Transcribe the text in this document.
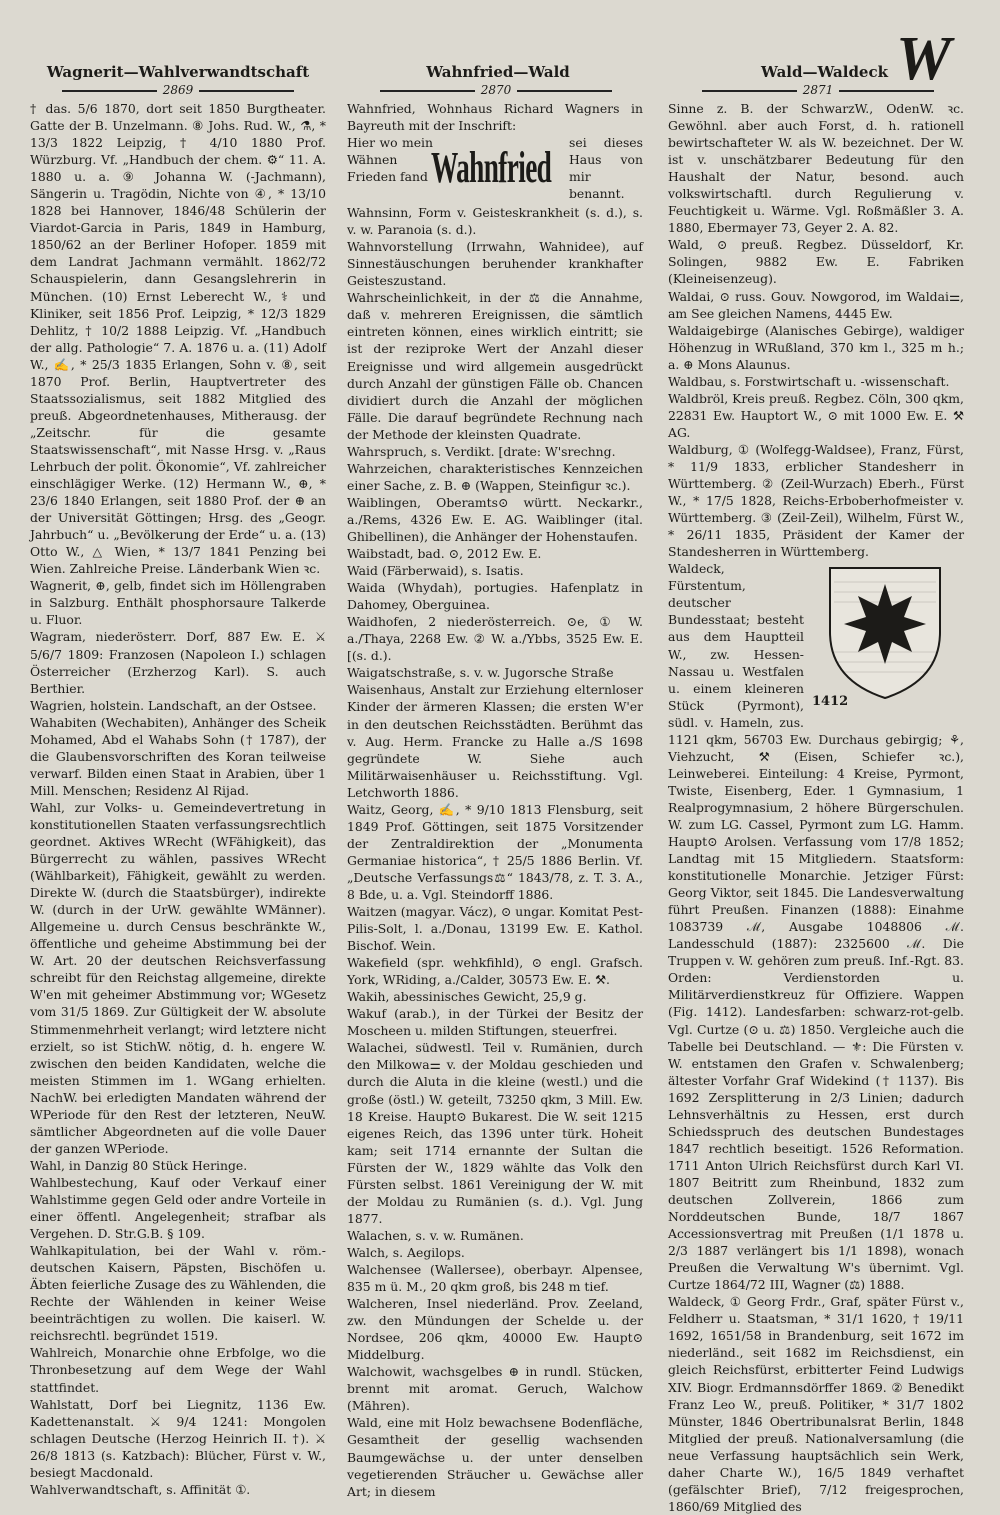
W
Wagnerit—Wahlverwandtschaft	Wahnfried—Wald	Wald—Waldeck
2869	2870	2871

† das. 5/6 1870, dort seit 1850 Burgtheater. Gatte der B. Unzelmann. ⑧ Johs. Rud. W., ⚗, * 13/3 1822 Leipzig, † 4/10 1880 Prof. Würzburg. Vf. „Handbuch der chem. ⚙“ 11. A. 1880 u. a. ⑨ Johanna W. (-Jachmann), Sängerin u. Tragödin, Nichte von ④, * 13/10 1828 bei Hannover, 1846/48 Schülerin der Viardot-Garcia in Paris, 1849 in Hamburg, 1850/62 an der Berliner Hofoper. 1859 mit dem Landrat Jachmann vermählt. 1862/72 Schauspielerin, dann Gesangslehrerin in München. (10) Ernst Leberecht W., ⚕ und Kliniker, seit 1856 Prof. Leipzig, * 12/3 1829 Dehlitz, † 10/2 1888 Leipzig. Vf. „Handbuch der allg. Pathologie“ 7. A. 1876 u. a. (11) Adolf W., ✍, * 25/3 1835 Erlangen, Sohn v. ⑧, seit 1870 Prof. Berlin, Hauptvertreter des Staatssozialismus, seit 1882 Mitglied des preuß. Abgeordnetenhauses, Mitherausg. der „Zeitschr. für die gesamte Staatswissenschaft“, mit Nasse Hrsg. v. „Raus Lehrbuch der polit. Ökonomie“, Vf. zahlreicher einschlägiger Werke. (12) Hermann W., ⊕, * 23/6 1840 Erlangen, seit 1880 Prof. der ⊕ an der Universität Göttingen; Hrsg. des „Geogr. Jahrbuch“ u. „Bevölkerung der Erde“ u. a. (13) Otto W., △ Wien, * 13/7 1841 Penzing bei Wien. Zahlreiche Preise. Länderbank Wien ꝛc.

Wagnerit, ⊕, gelb, findet sich im Höllengraben in Salzburg. Enthält phosphorsaure Talkerde u. Fluor.

Wagram, niederösterr. Dorf, 887 Ew. E. ⚔ 5/6/7 1809: Franzosen (Napoleon I.) schlagen Österreicher (Erzherzog Karl). S. auch Berthier.

Wagrien, holstein. Landschaft, an der Ostsee.

Wahabiten (Wechabiten), Anhänger des Scheik Mohamed, Abd el Wahabs Sohn († 1787), der die Glaubensvorschriften des Koran teilweise verwarf. Bilden einen Staat in Arabien, über 1 Mill. Menschen; Residenz Al Rijad.

Wahl, zur Volks- u. Gemeindevertretung in konstitutionellen Staaten verfassungsrechtlich geordnet. Aktives WRecht (WFähigkeit), das Bürgerrecht zu wählen, passives WRecht (Wählbarkeit), Fähigkeit, gewählt zu werden. Direkte W. (durch die Staatsbürger), indirekte W. (durch in der UrW. gewählte WMänner). Allgemeine u. durch Census beschränkte W., öffentliche und geheime Abstimmung bei der W. Art. 20 der deutschen Reichsverfassung schreibt für den Reichstag allgemeine, direkte W'en mit geheimer Abstimmung vor; WGesetz vom 31/5 1869. Zur Gültigkeit der W. absolute Stimmenmehrheit verlangt; wird letztere nicht erzielt, so ist StichW. nötig, d. h. engere W. zwischen den beiden Kandidaten, welche die meisten Stimmen im 1. WGang erhielten. NachW. bei erledigten Mandaten während der WPeriode für den Rest der letzteren, NeuW. sämtlicher Abgeordneten auf die volle Dauer der ganzen WPeriode.

Wahl, in Danzig 80 Stück Heringe.

Wahlbestechung, Kauf oder Verkauf einer Wahlstimme gegen Geld oder andre Vorteile in einer öffentl. Angelegenheit; strafbar als Vergehen. D. Str.G.B. § 109.

Wahlkapitulation, bei der Wahl v. röm.-deutschen Kaisern, Päpsten, Bischöfen u. Äbten feierliche Zusage des zu Wählenden, die Rechte der Wählenden in keiner Weise beeinträchtigen zu wollen. Die kaiserl. W. reichsrechtl. begründet 1519.

Wahlreich, Monarchie ohne Erbfolge, wo die Thronbesetzung auf dem Wege der Wahl stattfindet.

Wahlstatt, Dorf bei Liegnitz, 1136 Ew. Kadettenanstalt. ⚔ 9/4 1241: Mongolen schlagen Deutsche (Herzog Heinrich II. †). ⚔ 26/8 1813 (s. Katzbach): Blücher, Fürst v. W., besiegt Macdonald.

Wahlverwandtschaft, s. Affinität ①.

Wahnfried, Wohnhaus Richard Wagners in Bayreuth mit der Inschrift:

Hier wo mein Wähnen Frieden fand Wahnfried
sei dieses Haus von mir benannt.

Wahnsinn, Form v. Geisteskrankheit (s. d.), s. v. w. Paranoia (s. d.).

Wahnvorstellung (Irrwahn, Wahnidee), auf Sinnestäuschungen beruhender krankhafter Geisteszustand.

Wahrscheinlichkeit, in der ⚖ die Annahme, daß v. mehreren Ereignissen, die sämtlich eintreten können, eines wirklich eintritt; sie ist der reziproke Wert der Anzahl dieser Ereignisse und wird allgemein ausgedrückt durch Anzahl der günstigen Fälle ob. Chancen dividiert durch die Anzahl der möglichen Fälle. Die darauf begründete Rechnung nach der Methode der kleinsten Quadrate.

Wahrspruch, s. Verdikt. [drate: W'srechng.

Wahrzeichen, charakteristisches Kennzeichen einer Sache, z. B. ⊕ (Wappen, Steinfigur ꝛc.).

Waiblingen, Oberamts⊙ württ. Neckarkr., a./Rems, 4326 Ew. E. AG. Waiblinger (ital. Ghibellinen), die Anhänger der Hohenstaufen.

Waibstadt, bad. ⊙, 2012 Ew. E.

Waid (Färberwaid), s. Isatis.

Waida (Whydah), portugies. Hafenplatz in Dahomey, Oberguinea.

Waidhofen, 2 niederösterreich. ⊙e, ① W. a./Thaya, 2268 Ew. ② W. a./Ybbs, 3525 Ew. E. [(s. d.).

Waigatschstraße, s. v. w. Jugorsche Straße

Waisenhaus, Anstalt zur Erziehung elternloser Kinder der ärmeren Klassen; die ersten W'er in den deutschen Reichsstädten. Berühmt das v. Aug. Herm. Francke zu Halle a./S 1698 gegründete W. Siehe auch Militärwaisenhäuser u. Reichsstiftung. Vgl. Letchworth 1886.

Waitz, Georg, ✍, * 9/10 1813 Flensburg, seit 1849 Prof. Göttingen, seit 1875 Vorsitzender der Zentraldirektion der „Monumenta Germaniae historica“, † 25/5 1886 Berlin. Vf. „Deutsche Verfassungs⚖“ 1843/78, z. T. 3. A., 8 Bde, u. a. Vgl. Steindorff 1886.

Waitzen (magyar. Vácz), ⊙ ungar. Komitat Pest-Pilis-Solt, l. a./Donau, 13199 Ew. E. Kathol. Bischof. Wein.

Wakefield (spr. wehkfihld), ⊙ engl. Grafsch. York, WRiding, a./Calder, 30573 Ew. E. ⚒.

Wakih, abessinisches Gewicht, 25,9 g.

Wakuf (arab.), in der Türkei der Besitz der Moscheen u. milden Stiftungen, steuerfrei.

Walachei, südwestl. Teil v. Rumänien, durch den Milkowa⚌ v. der Moldau geschieden und durch die Aluta in die kleine (westl.) und die große (östl.) W. geteilt, 73250 qkm, 3 Mill. Ew. 18 Kreise. Haupt⊙ Bukarest. Die W. seit 1215 eigenes Reich, das 1396 unter türk. Hoheit kam; seit 1714 ernannte der Sultan die Fürsten der W., 1829 wählte das Volk den Fürsten selbst. 1861 Vereinigung der W. mit der Moldau zu Rumänien (s. d.). Vgl. Jung 1877.

Walachen, s. v. w. Rumänen.

Walch, s. Aegilops.

Walchensee (Wallersee), oberbayr. Alpensee, 835 m ü. M., 20 qkm groß, bis 248 m tief.

Walcheren, Insel niederländ. Prov. Zeeland, zw. den Mündungen der Schelde u. der Nordsee, 206 qkm, 40000 Ew. Haupt⊙ Middelburg.

Walchowit, wachsgelbes ⊕ in rundl. Stücken, brennt mit aromat. Geruch, Walchow (Mähren).

Wald, eine mit Holz bewachsene Bodenfläche, Gesamtheit der gesellig wachsenden Baumgewächse u. der unter denselben vegetierenden Sträucher u. Gewächse aller Art; in diesem

Sinne z. B. der SchwarzW., OdenW. ꝛc. Gewöhnl. aber auch Forst, d. h. rationell bewirtschafteter W. als W. bezeichnet. Der W. ist v. unschätzbarer Bedeutung für den Haushalt der Natur, besond. auch volkswirtschaftl. durch Regulierung v. Feuchtigkeit u. Wärme. Vgl. Roßmäßler 3. A. 1880, Ebermayer 73, Geyer 2. A. 82.

Wald, ⊙ preuß. Regbez. Düsseldorf, Kr. Solingen, 9882 Ew. E. Fabriken (Kleineisenzeug).

Waldai, ⊙ russ. Gouv. Nowgorod, im Waldai⚌, am See gleichen Namens, 4445 Ew.

Waldaigebirge (Alanisches Gebirge), waldiger Höhenzug in WRußland, 370 km l., 325 m h.; a. ⊕ Mons Alaunus.

Waldbau, s. Forstwirtschaft u. -wissenschaft.

Waldbröl, Kreis preuß. Regbez. Cöln, 300 qkm, 22831 Ew. Hauptort W., ⊙ mit 1000 Ew. E. ⚒ AG.

Waldburg, ① (Wolfegg-Waldsee), Franz, Fürst, * 11/9 1833, erblicher Standesherr in Württemberg. ② (Zeil-Wurzach) Eberh., Fürst W., * 17/5 1828, Reichs-Erboberhofmeister v. Württemberg. ③ (Zeil-Zeil), Wilhelm, Fürst W., * 26/11 1835, Präsident der Kamer der Standesherren in Württemberg.

1412

Waldeck, Fürstentum, deutscher Bundesstaat; besteht aus dem Hauptteil W., zw. Hessen-Nassau u. Westfalen u. einem kleineren Stück (Pyrmont), südl. v. Hameln, zus. 1121 qkm, 56703 Ew. Durchaus gebirgig; ⚘, Viehzucht, ⚒ (Eisen, Schiefer ꝛc.), Leinweberei. Einteilung: 4 Kreise, Pyrmont, Twiste, Eisenberg, Eder. 1 Gymnasium, 1 Realprogymnasium, 2 höhere Bürgerschulen. W. zum LG. Cassel, Pyrmont zum LG. Hamm. Haupt⊙ Arolsen. Verfassung vom 17/8 1852; Landtag mit 15 Mitgliedern. Staatsform: konstitutionelle Monarchie. Jetziger Fürst: Georg Viktor, seit 1845. Die Landesverwaltung führt Preußen. Finanzen (1888): Einahme 1083739 ℳ, Ausgabe 1048806 ℳ. Landesschuld (1887): 2325600 ℳ. Die Truppen v. W. gehören zum preuß. Inf.-Rgt. 83. Orden: Verdienstorden u. Militärverdienstkreuz für Offiziere. Wappen (Fig. 1412). Landesfarben: schwarz-rot-gelb. Vgl. Curtze (⊙ u. ⚖) 1850. Vergleiche auch die Tabelle bei Deutschland. — ⚜: Die Fürsten v. W. entstamen den Grafen v. Schwalenberg; ältester Vorfahr Graf Widekind († 1137). Bis 1692 Zersplitterung in 2/3 Linien; dadurch Lehnsverhältnis zu Hessen, erst durch Schiedsspruch des deutschen Bundestages 1847 rechtlich beseitigt. 1526 Reformation. 1711 Anton Ulrich Reichsfürst durch Karl VI. 1807 Beitritt zum Rheinbund, 1832 zum deutschen Zollverein, 1866 zum Norddeutschen Bunde, 18/7 1867 Accessionsvertrag mit Preußen (1/1 1878 u. 2/3 1887 verlängert bis 1/1 1898), wonach Preußen die Verwaltung W's übernimt. Vgl. Curtze 1864/72 III, Wagner (⚖) 1888.

Waldeck, ① Georg Frdr., Graf, später Fürst v., Feldherr u. Staatsman, * 31/1 1620, † 19/11 1692, 1651/58 in Brandenburg, seit 1672 im niederländ., seit 1682 im Reichsdienst, ein gleich Reichsfürst, erbitterter Feind Ludwigs XIV. Biogr. Erdmannsdörffer 1869. ② Benedikt Franz Leo W., preuß. Politiker, * 31/7 1802 Münster, 1846 Obertribunalsrat Berlin, 1848 Mitglied der preuß. Nationalversamlung (die neue Verfassung hauptsächlich sein Werk, daher Charte W.), 16/5 1849 verhaftet (gefälschter Brief), 7/12 freigesprochen, 1860/69 Mitglied des
